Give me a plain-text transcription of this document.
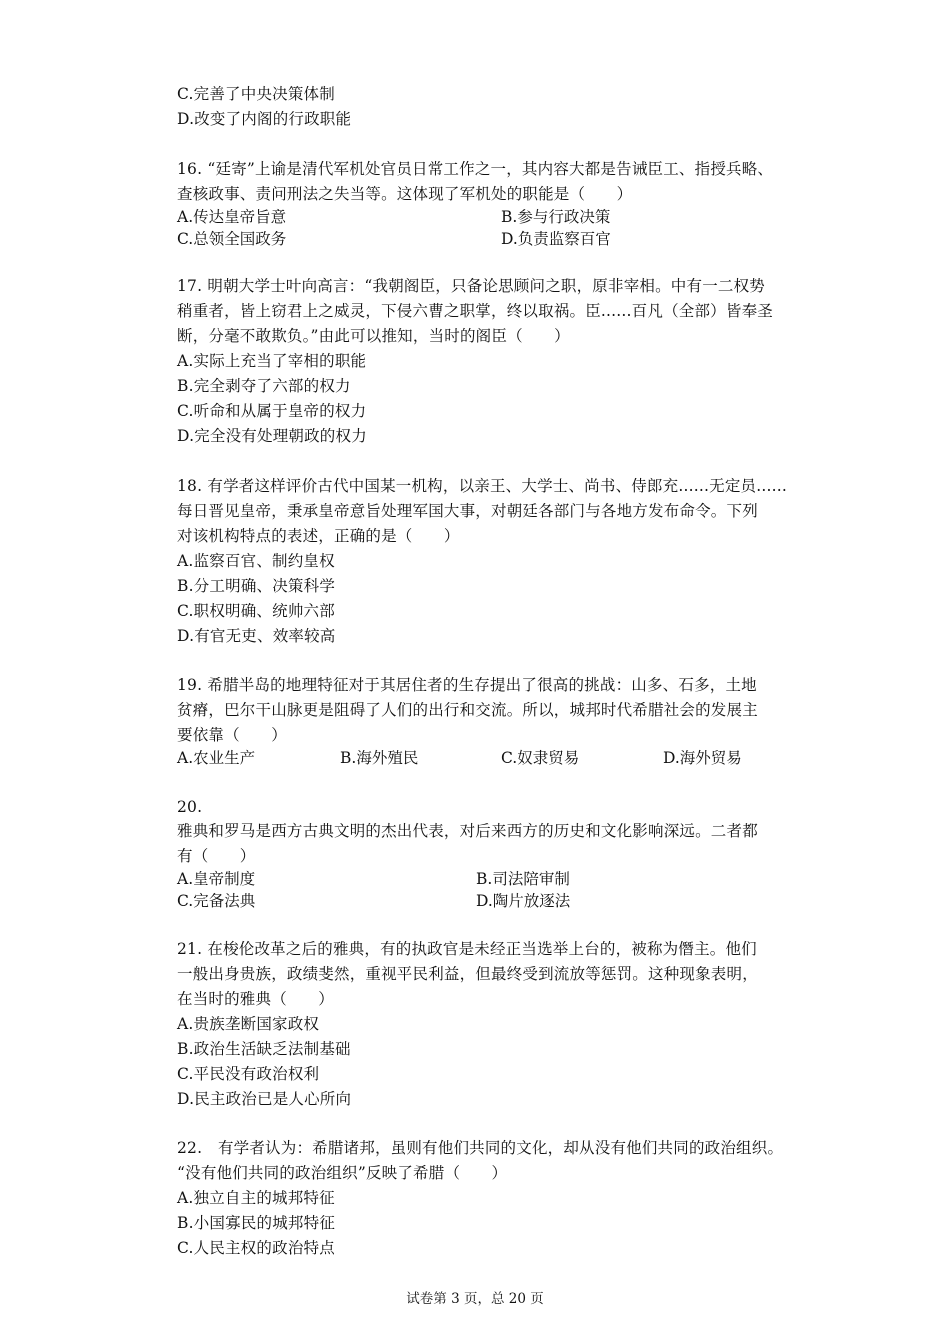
C.完善了中央决策体制
D.改变了内阁的行政职能
16. “廷寄”上谕是清代军机处官员日常工作之一，其内容大都是告诫臣工、指授兵略、
查核政事、责问刑法之失当等。这体现了军机处的职能是（　　）
A.传达皇帝旨意	B.参与行政决策
C.总领全国政务	D.负责监察百官
17. 明朝大学士叶向高言：“我朝阁臣，只备论思顾问之职，原非宰相。中有一二权势
稍重者，皆上窃君上之威灵，下侵六曹之职掌，终以取祸。臣......百凡（全部）皆奉圣
断，分毫不敢欺负。”由此可以推知，当时的阁臣（　　）
A.实际上充当了宰相的职能
B.完全剥夺了六部的权力
C.听命和从属于皇帝的权力
D.完全没有处理朝政的权力
18. 有学者这样评价古代中国某一机构，以亲王、大学士、尚书、侍郎充......无定员......
每日晋见皇帝，秉承皇帝意旨处理军国大事，对朝廷各部门与各地方发布命令。下列
对该机构特点的表述，正确的是（　　）
A.监察百官、制约皇权
B.分工明确、决策科学
C.职权明确、统帅六部
D.有官无吏、效率较高
19. 希腊半岛的地理特征对于其居住者的生存提出了很高的挑战：山多、石多，土地
贫瘠，巴尔干山脉更是阻碍了人们的出行和交流。所以，城邦时代希腊社会的发展主
要依靠（　　）
A.农业生产	B.海外殖民	C.奴隶贸易	D.海外贸易
20.
雅典和罗马是西方古典文明的杰出代表，对后来西方的历史和文化影响深远。二者都
有（　　）
A.皇帝制度	B.司法陪审制
C.完备法典	D.陶片放逐法
21. 在梭伦改革之后的雅典，有的执政官是未经正当选举上台的，被称为僭主。他们
一般出身贵族，政绩斐然，重视平民利益，但最终受到流放等惩罚。这种现象表明，
在当时的雅典（　　）
A.贵族垄断国家政权
B.政治生活缺乏法制基础
C.平民没有政治权利
D.民主政治已是人心所向
22.　有学者认为：希腊诸邦，虽则有他们共同的文化，却从没有他们共同的政治组织。
“没有他们共同的政治组织”反映了希腊（　　）
A.独立自主的城邦特征
B.小国寡民的城邦特征
C.人民主权的政治特点
试卷第 3 页，总 20 页
